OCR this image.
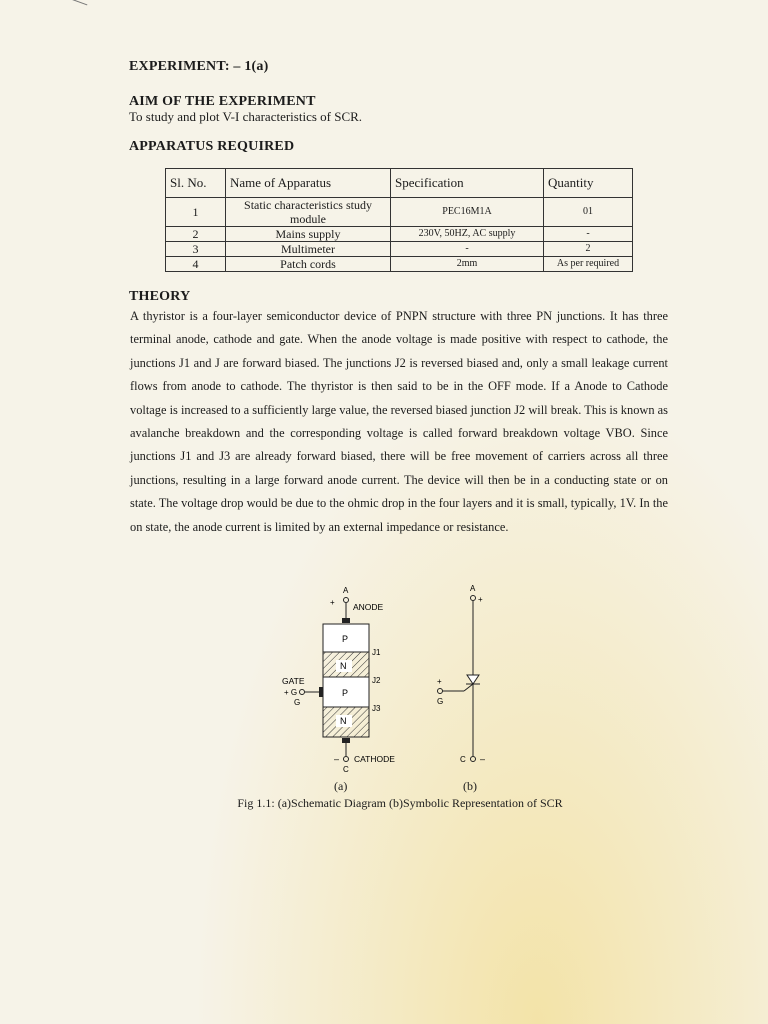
EXPERIMENT: – 1(a)
AIM OF THE EXPERIMENT
To study and plot V-I characteristics of SCR.
APPARATUS REQUIRED
Sl. No.	Name of Apparatus	Specification	Quantity
1	Static characteristics study module	PEC16M1A	01
2	Mains supply	230V, 50HZ, AC supply	-
3	Multimeter	-	2
4	Patch cords	2mm	As per required
THEORY

A thyristor is a four-layer semiconductor device of PNPN structure with three PN junctions. It has three terminal anode, cathode and gate. When the anode voltage is made positive with respect to cathode, the junctions J1 and J are forward biased. The junctions J2 is reversed biased and, only a small leakage current flows from anode to cathode. The thyristor is then said to be in the OFF mode. If a Anode to Cathode voltage is increased to a sufficiently large value, the reversed biased junction J2 will break. This is known as avalanche breakdown and the corresponding voltage is called forward breakdown voltage VBO. Since junctions J1 and J3 are already forward biased, there will be free movement of carriers across all three junctions, resulting in a large forward anode current. The device will then be in a conducting state or on state. The voltage drop would be due to the ohmic drop in the four layers and it is small, typically, 1V. In the on state, the anode current is limited by an external impedance or resistance.

A
+ ANODE
P
N
P
N
J1
J2
J3
GATE
+ G
G
– CATHODE
C
A
+
+
G
C –
(a)	(b)
Fig 1.1: (a)Schematic Diagram (b)Symbolic Representation of SCR
